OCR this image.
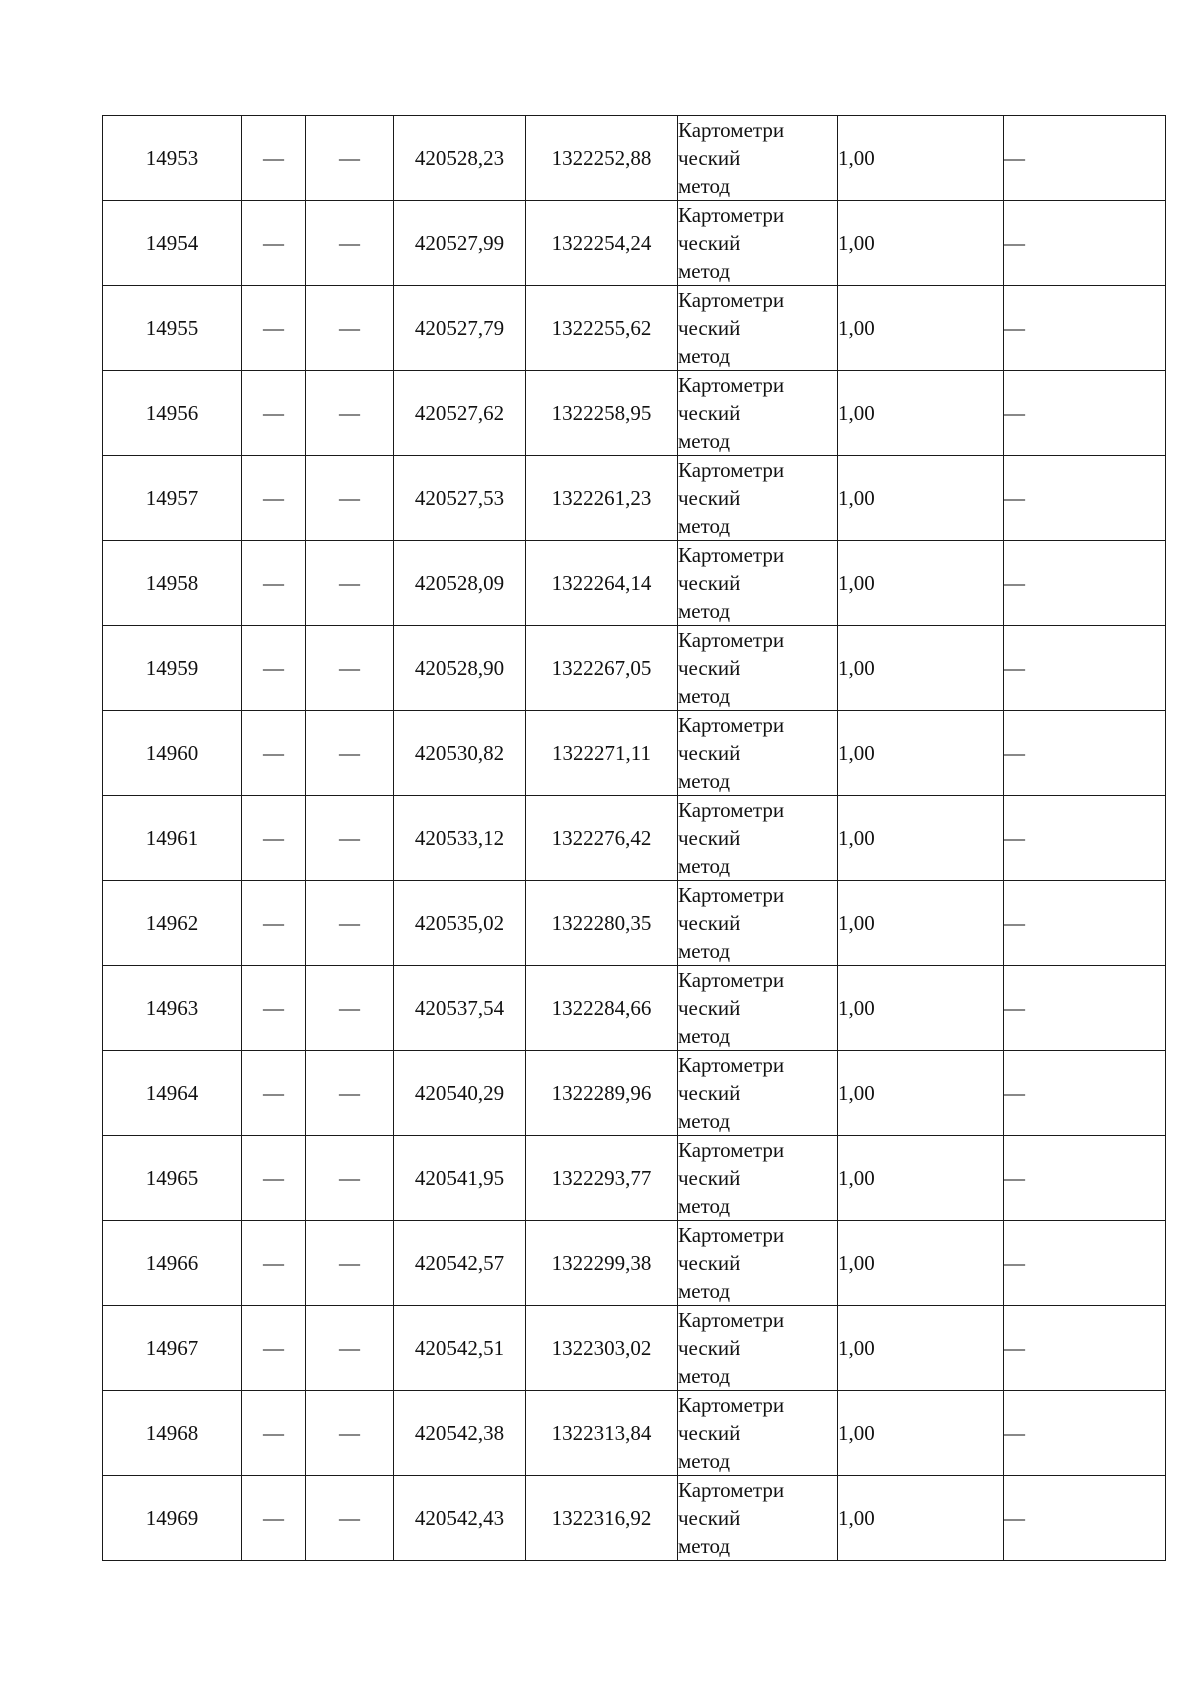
14953	—	—	420528,23	1322252,88	Картометри
ческий
метод	1,00	—
14954	—	—	420527,99	1322254,24	Картометри
ческий
метод	1,00	—
14955	—	—	420527,79	1322255,62	Картометри
ческий
метод	1,00	—
14956	—	—	420527,62	1322258,95	Картометри
ческий
метод	1,00	—
14957	—	—	420527,53	1322261,23	Картометри
ческий
метод	1,00	—
14958	—	—	420528,09	1322264,14	Картометри
ческий
метод	1,00	—
14959	—	—	420528,90	1322267,05	Картометри
ческий
метод	1,00	—
14960	—	—	420530,82	1322271,11	Картометри
ческий
метод	1,00	—
14961	—	—	420533,12	1322276,42	Картометри
ческий
метод	1,00	—
14962	—	—	420535,02	1322280,35	Картометри
ческий
метод	1,00	—
14963	—	—	420537,54	1322284,66	Картометри
ческий
метод	1,00	—
14964	—	—	420540,29	1322289,96	Картометри
ческий
метод	1,00	—
14965	—	—	420541,95	1322293,77	Картометри
ческий
метод	1,00	—
14966	—	—	420542,57	1322299,38	Картометри
ческий
метод	1,00	—
14967	—	—	420542,51	1322303,02	Картометри
ческий
метод	1,00	—
14968	—	—	420542,38	1322313,84	Картометри
ческий
метод	1,00	—
14969	—	—	420542,43	1322316,92	Картометри
ческий
метод	1,00	—
